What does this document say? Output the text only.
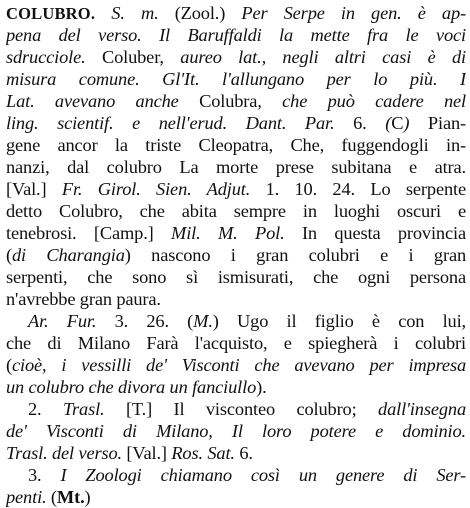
COLUBRO. S. m. (Zool.) Per Serpe in gen. è ap-
pena del verso. Il Baruffaldi la mette fra le voci
sdrucciole. Coluber, aureo lat., negli altri casi è di
misura comune. Gl'It. l'allungano per lo più. I
Lat. avevano anche Colubra, che può cadere nel
ling. scientif. e nell'erud. Dant. Par. 6. (C) Pian-
gene ancor la triste Cleopatra, Che, fuggendogli in-
nanzi, dal colubro La morte prese subitana e atra.
[Val.] Fr. Girol. Sien. Adjut. 1. 10. 24. Lo serpente
detto Colubro, che abita sempre in luoghi oscuri e
tenebrosi. [Camp.] Mil. M. Pol. In questa provincia
(di Charangia) nascono i gran colubri e i gran
serpenti, che sono sì ismisurati, che ogni persona
n'avrebbe gran paura.
Ar. Fur. 3. 26. (M.) Ugo il figlio è con lui,
che di Milano Farà l'acquisto, e spiegherà i colubri
(cioè, i vessilli de' Visconti che avevano per impresa
un colubro che divora un fanciullo).
2. Trasl. [T.] Il visconteo colubro; dall'insegna
de' Visconti di Milano, Il loro potere e dominio.
Trasl. del verso. [Val.] Ros. Sat. 6.
3. I Zoologi chiamano così un genere di Ser-
penti. (Mt.)
